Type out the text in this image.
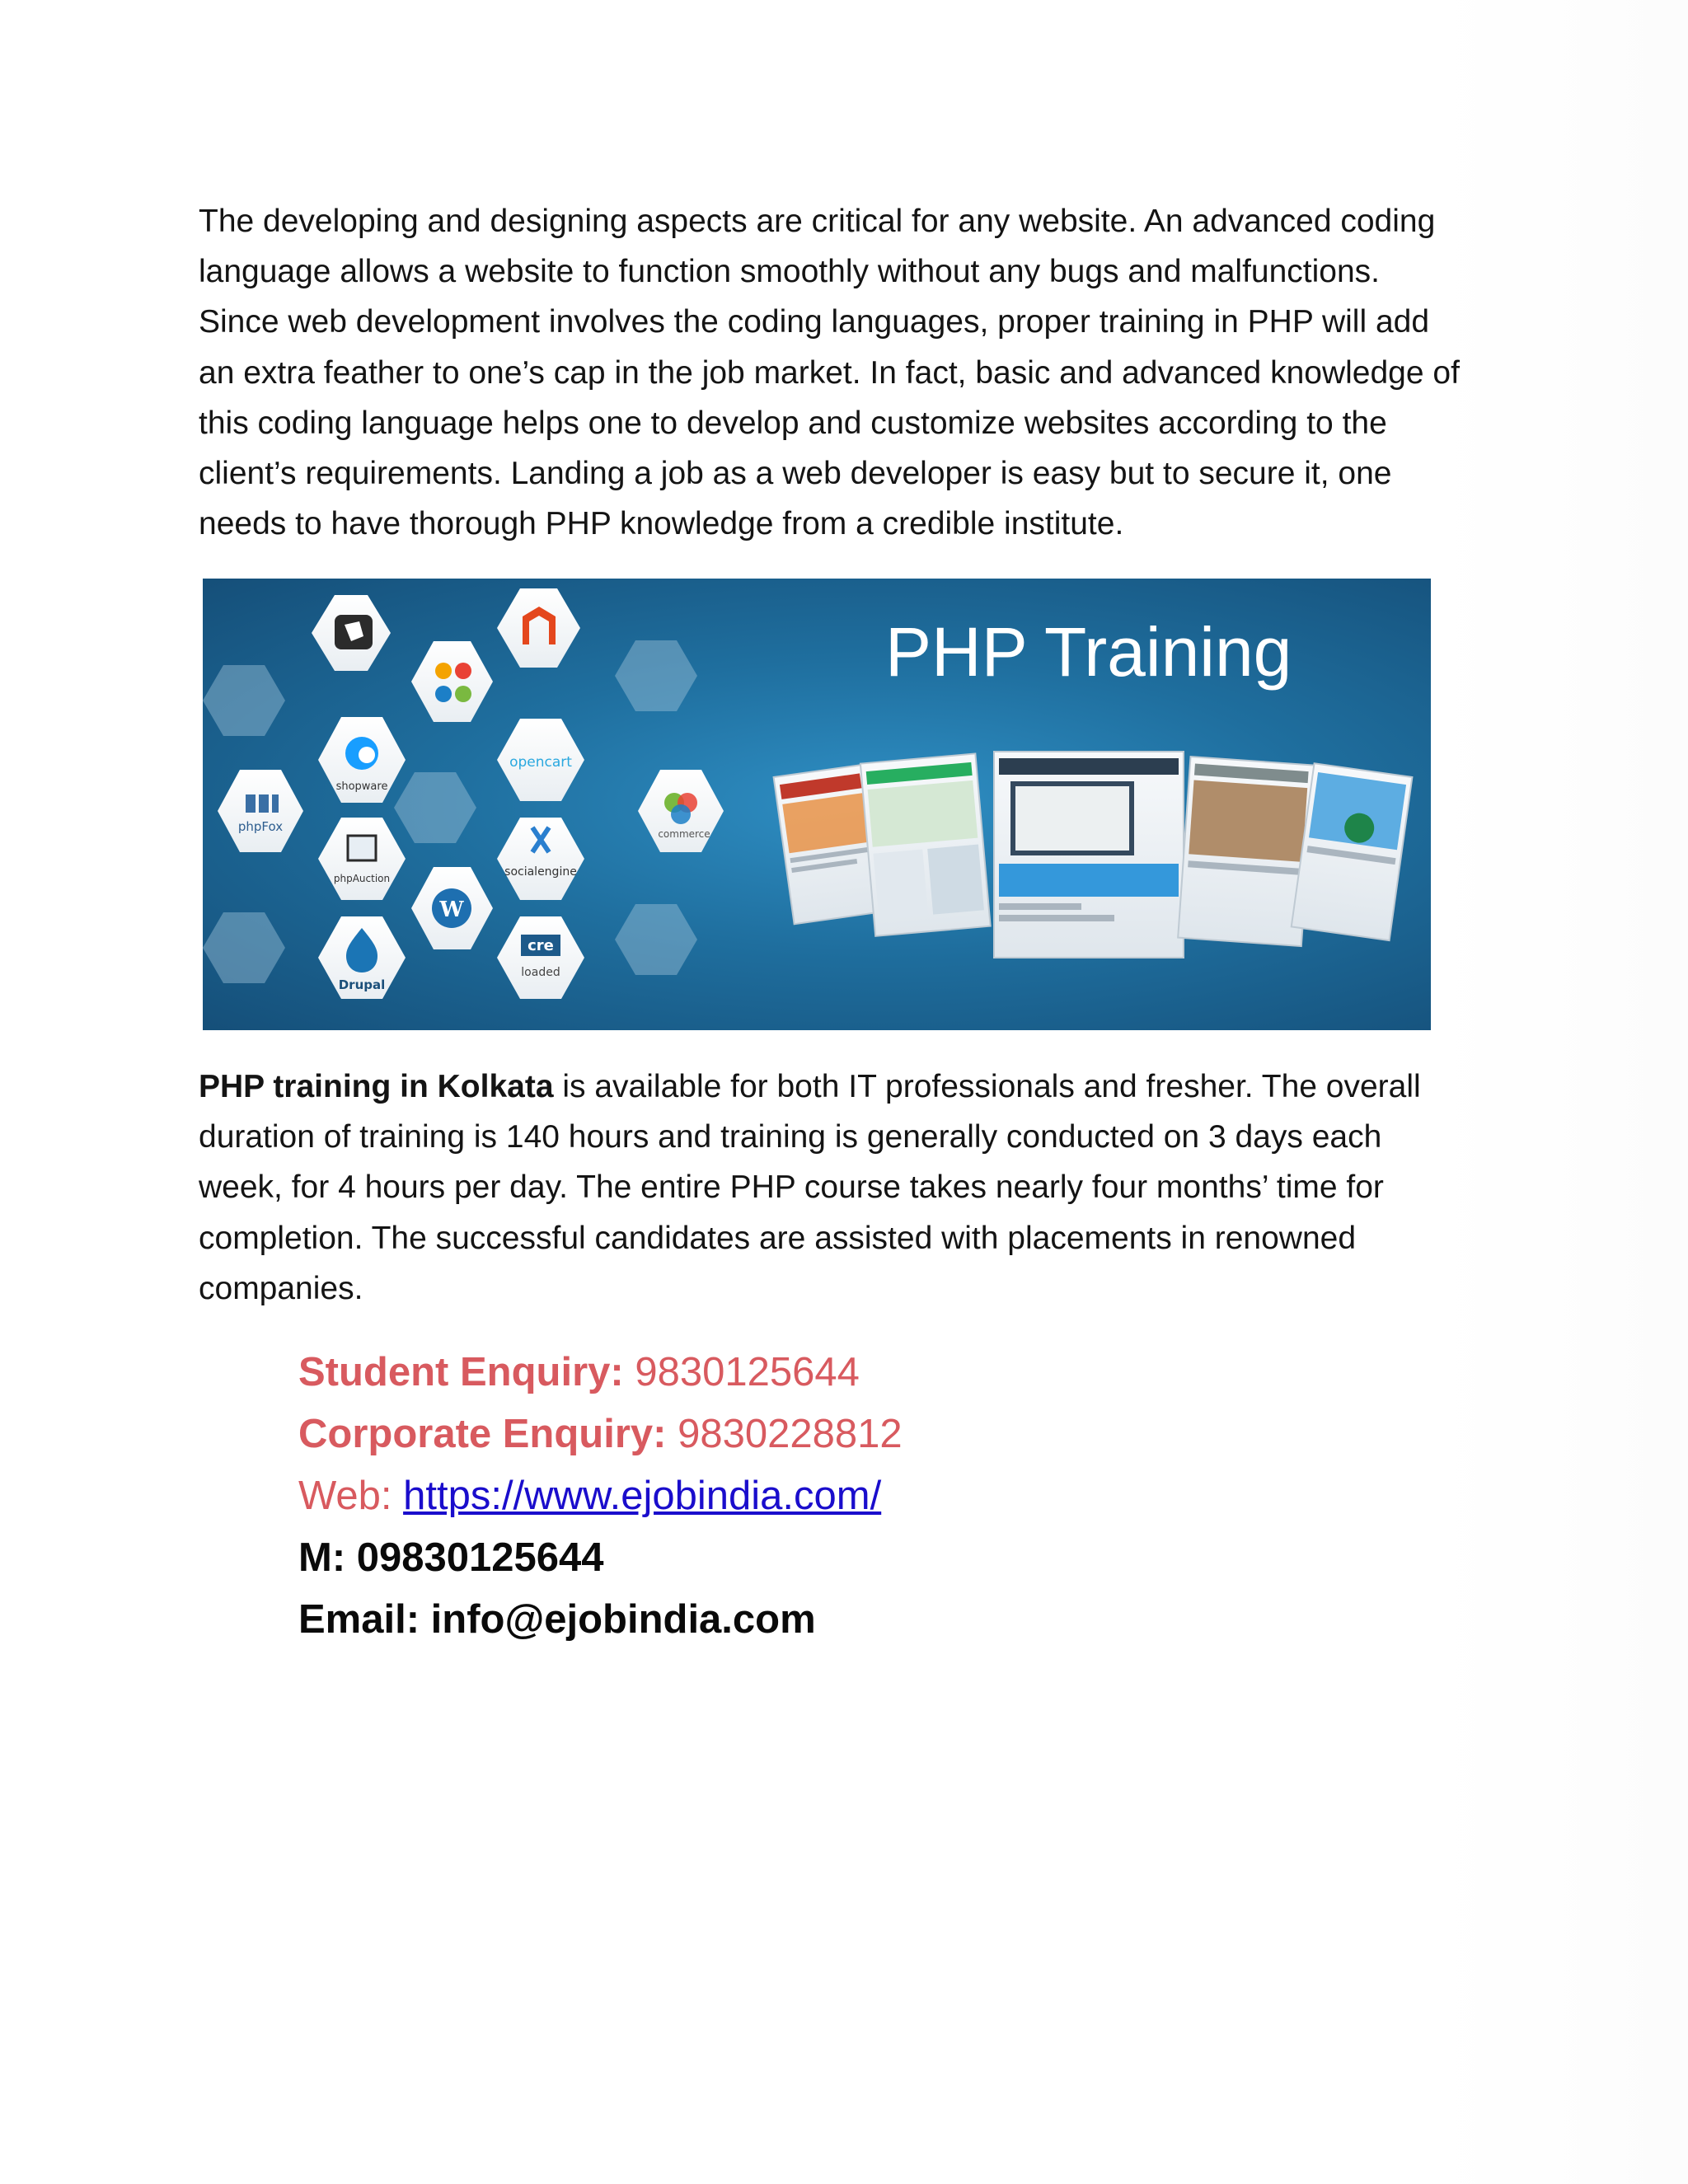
The developing and designing aspects are critical for any website. An advanced coding language allows a website to function smoothly without any bugs and malfunctions. Since web development involves the coding languages, proper training in PHP will add an extra feather to one’s cap in the job market. In fact, basic and advanced knowledge of this coding language helps one to develop and customize websites according to the client’s requirements. Landing a job as a web developer is easy but to secure it, one needs to have thorough PHP knowledge from a credible institute.

shopware
opencart
phpFox	commerce
phpAuction	socialengine
W
Drupal
cre
loaded
PHP Training

PHP training in Kolkata is available for both IT professionals and fresher. The overall duration of training is 140 hours and training is generally conducted on 3 days each week, for 4 hours per day. The entire PHP course takes nearly four months’ time for completion. The successful candidates are assisted with placements in renowned companies.

Student Enquiry: 9830125644
Corporate Enquiry: 9830228812
Web: https://www.ejobindia.com/
M: 09830125644
Email: info@ejobindia.com
